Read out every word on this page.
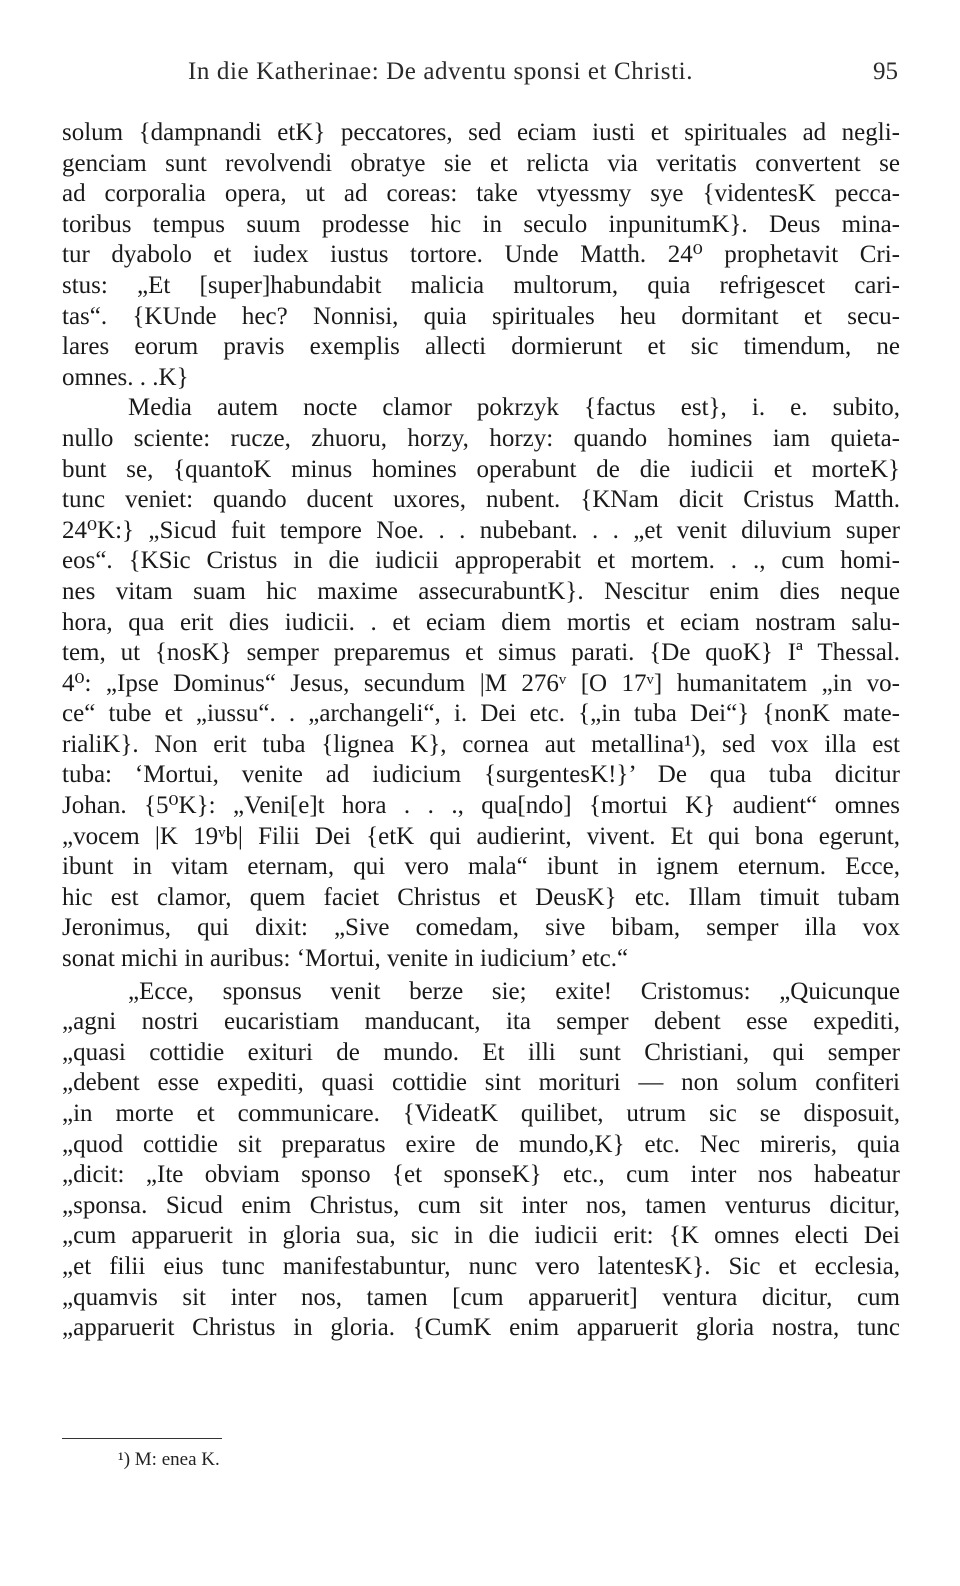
In die Katherinae: De adventu sponsi et Christi.	95
solum {dampnandi etK} peccatores, sed eciam iusti et spirituales ad negli-
genciam sunt revolvendi obratye sie et relicta via veritatis convertent se
ad corporalia opera, ut ad coreas: take vtyessmy sye {videntesK pecca-
toribus tempus suum prodesse hic in seculo inpunitumK}. Deus mina-
tur dyabolo et iudex iustus tortore. Unde Matth. 24⁰ prophetavit Cri-
stus: „Et [super]habundabit malicia multorum, quia refrigescet cari-
tas“. {KUnde hec? Nonnisi, quia spirituales heu dormitant et secu-
lares eorum pravis exemplis allecti dormierunt et sic timendum, ne
omnes. . .K}
Media autem nocte clamor pokrzyk {factus est}, i. e. subito,
nullo sciente: rucze, zhuoru, horzy, horzy: quando homines iam quieta-
bunt se, {quantoK minus homines operabunt de die iudicii et morteK}
tunc veniet: quando ducent uxores, nubent. {KNam dicit Cristus Matth.
24⁰K:} „Sicud fuit tempore Noe. . . nubebant. . . „et venit diluvium super
eos“. {KSic Cristus in die iudicii approperabit et mortem. . ., cum homi-
nes vitam suam hic maxime assecurabuntK}. Nescitur enim dies neque
hora, qua erit dies iudicii. . et eciam diem mortis et eciam nostram salu-
tem, ut {nosK} semper preparemus et simus parati. {De quoK} Iª Thessal.
4⁰: „Ipse Dominus“ Jesus, secundum |M 276ᵛ [O 17ᵛ] humanitatem „in vo-
ce“ tube et „iussu“. . „archangeli“, i. Dei etc. {„in tuba Dei“} {nonK mate-
rialiK}. Non erit tuba {lignea K}, cornea aut metallina¹), sed vox illa est
tuba: ‘Mortui, venite ad iudicium {surgentesK!}’ De qua tuba dicitur
Johan. {5⁰K}: „Veni[e]t hora . . ., qua[ndo] {mortui K} audient“ omnes
„vocem |K 19ᵛb| Filii Dei {etK qui audierint, vivent. Et qui bona egerunt,
ibunt in vitam eternam, qui vero mala“ ibunt in ignem eternum. Ecce,
hic est clamor, quem faciet Christus et DeusK} etc. Illam timuit tubam
Jeronimus, qui dixit: „Sive comedam, sive bibam, semper illa vox
sonat michi in auribus: ‘Mortui, venite in iudicium’ etc.“
„Ecce, sponsus venit berze sie; exite! Cristomus: „Quicunque
„agni nostri eucaristiam manducant, ita semper debent esse expediti,
„quasi cottidie exituri de mundo. Et illi sunt Christiani, qui semper
„debent esse expediti, quasi cottidie sint morituri — non solum confiteri
„in morte et communicare. {VideatK quilibet, utrum sic se disposuit,
„quod cottidie sit preparatus exire de mundo,K} etc. Nec mireris, quia
„dicit: „Ite obviam sponso {et sponseK} etc., cum inter nos habeatur
„sponsa. Sicud enim Christus, cum sit inter nos, tamen venturus dicitur,
„cum apparuerit in gloria sua, sic in die iudicii erit: {K omnes electi Dei
„et filii eius tunc manifestabuntur, nunc vero latentesK}. Sic et ecclesia,
„quamvis sit inter nos, tamen [cum apparuerit] ventura dicitur, cum
„apparuerit Christus in gloria. {CumK enim apparuerit gloria nostra, tunc
¹) M: enea K.
